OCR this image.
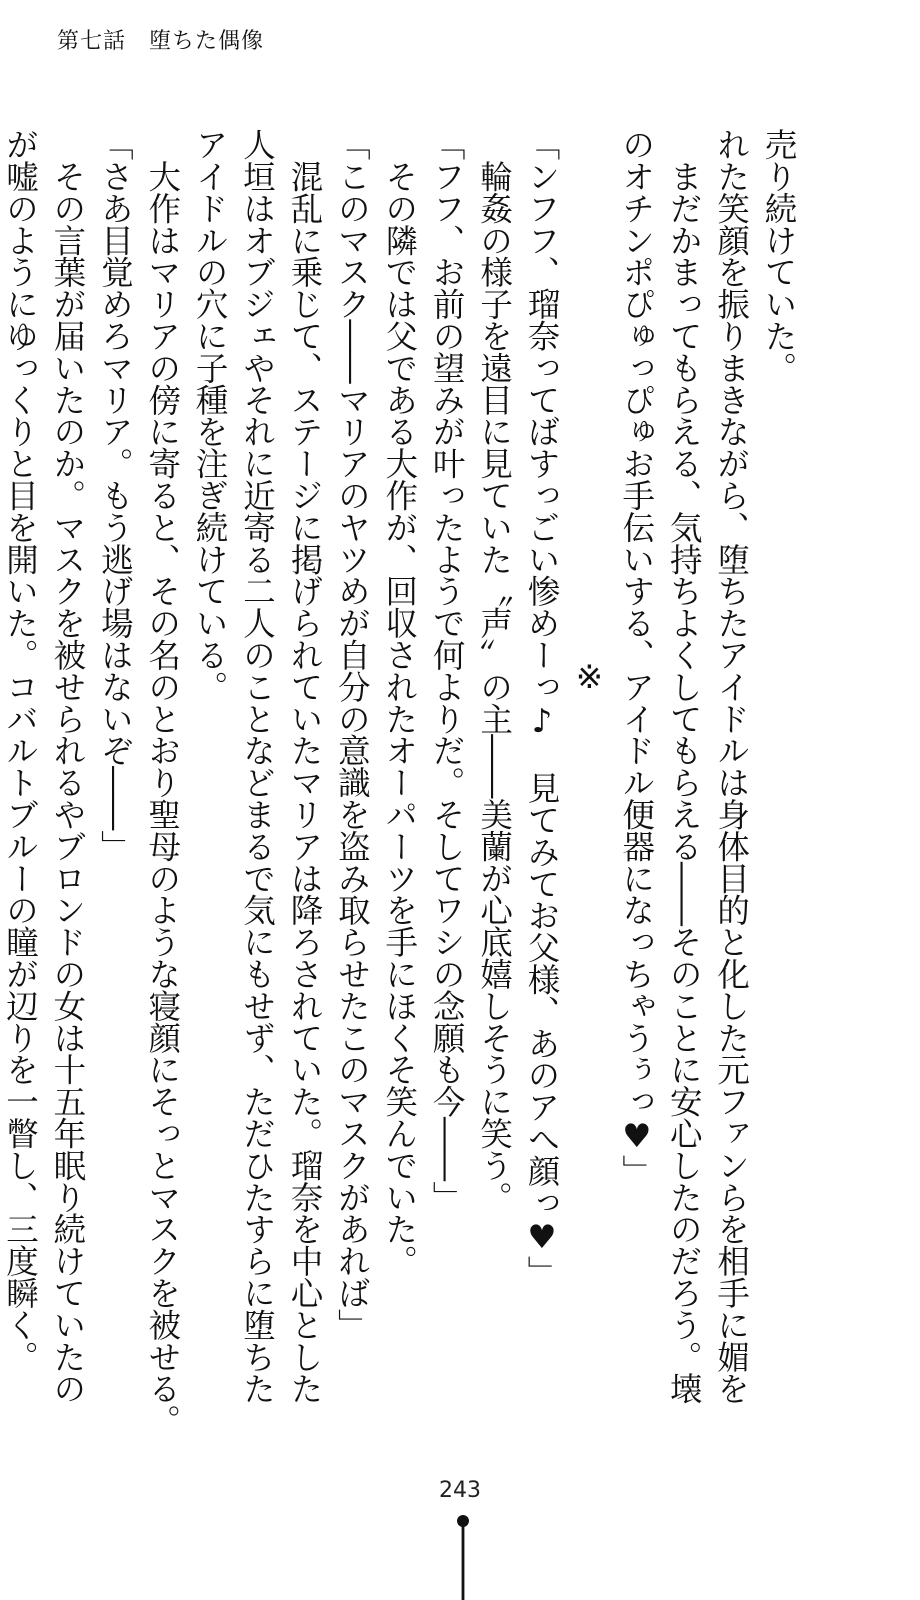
第七話　堕ちた偶像
売り続けていた。
れた笑顔を振りまきながら、堕ちたアイドルは身体目的と化した元ファンらを相手に媚を
　まだかまってもらえる、気持ちよくしてもらえる――そのことに安心したのだろう。壊
のオチンポぴゅっぴゅお手伝いする、アイドル便器になっちゃうぅっ♥」
※
「ンフフ、瑠奈ってばすっごい惨めーっ♪　見てみてお父様、あのアへ顔っ♥」
　輪姦の様子を遠目に見ていた〝声〟の主――美蘭が心底嬉しそうに笑う。
「フフ、お前の望みが叶ったようで何よりだ。そしてワシの念願も今――」
　その隣では父である大作が、回収されたオーパーツを手にほくそ笑んでいた。
「このマスク――マリアのヤツめが自分の意識を盗み取らせたこのマスクがあれば」
　混乱に乗じて、ステージに掲げられていたマリアは降ろされていた。瑠奈を中心とした
人垣はオブジェやそれに近寄る二人のことなどまるで気にもせず、ただひたすらに堕ちた
アイドルの穴に子種を注ぎ続けている。
　大作はマリアの傍に寄ると、その名のとおり聖母のような寝顔にそっとマスクを被せる。
「さあ目覚めろマリア。もう逃げ場はないぞ――」
　その言葉が届いたのか。マスクを被せられるやブロンドの女は十五年眠り続けていたの
が嘘のようにゆっくりと目を開いた。コバルトブルーの瞳が辺りを一瞥し、三度瞬く。
243
